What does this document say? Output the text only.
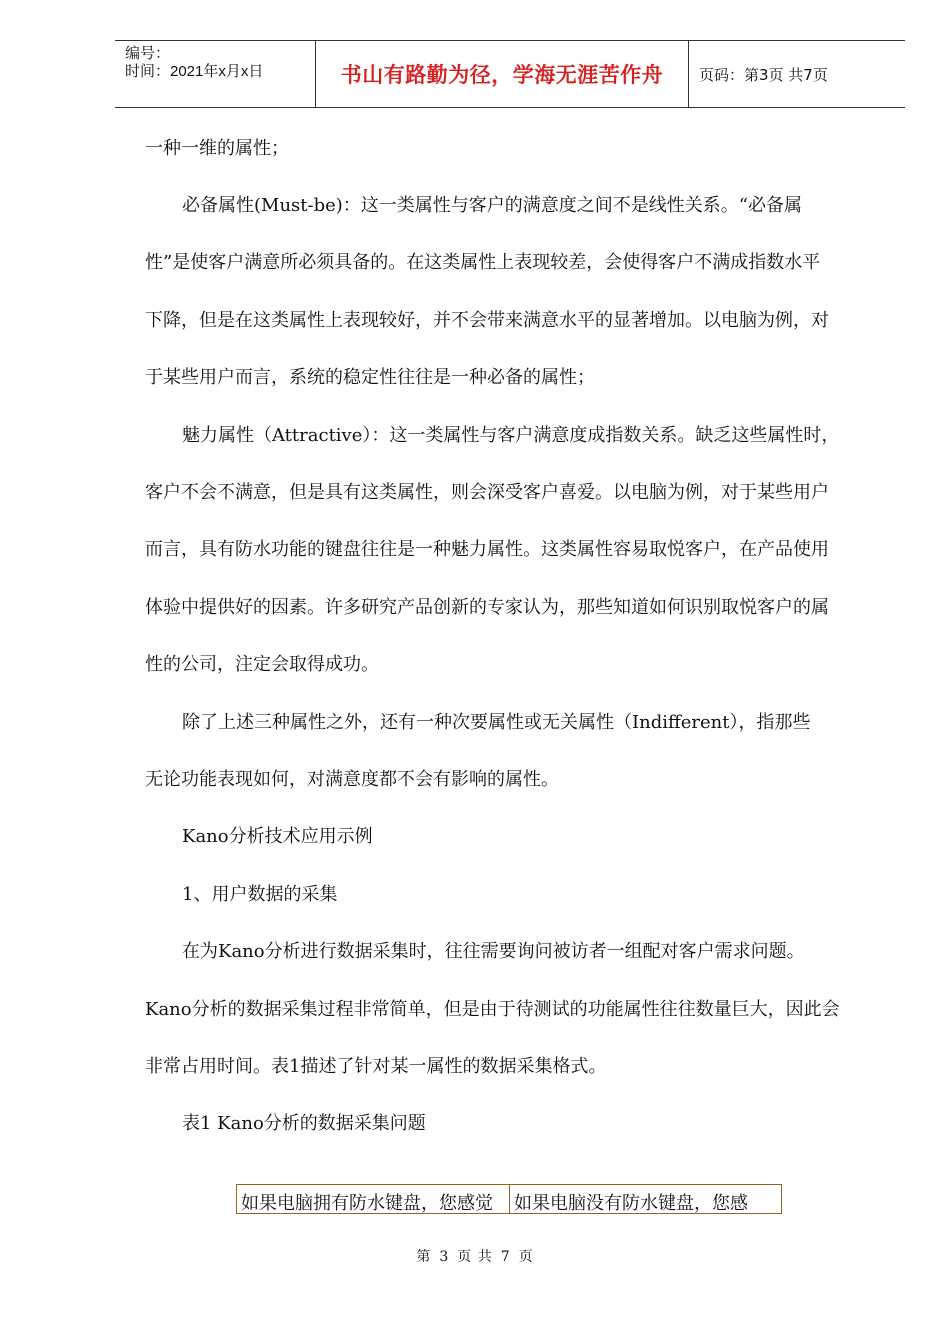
编号：
时间：2021年x月x日	书山有路勤为径，学海无涯苦作舟 页码：第3页 共7页
一种一维的属性；
必备属性(Must-be)：这一类属性与客户的满意度之间不是线性关系。“必备属
性”是使客户满意所必须具备的。在这类属性上表现较差，会使得客户不满成指数水平
下降，但是在这类属性上表现较好，并不会带来满意水平的显著增加。以电脑为例，对
于某些用户而言，系统的稳定性往往是一种必备的属性；
魅力属性（Attractive）：这一类属性与客户满意度成指数关系。缺乏这些属性时，
客户不会不满意，但是具有这类属性，则会深受客户喜爱。以电脑为例，对于某些用户
而言，具有防水功能的键盘往往是一种魅力属性。这类属性容易取悦客户，在产品使用
体验中提供好的因素。许多研究产品创新的专家认为，那些知道如何识别取悦客户的属
性的公司，注定会取得成功。
除了上述三种属性之外，还有一种次要属性或无关属性（Indifferent），指那些
无论功能表现如何，对满意度都不会有影响的属性。
Kano分析技术应用示例
1、用户数据的采集
在为Kano分析进行数据采集时，往往需要询问被访者一组配对客户需求问题。
Kano分析的数据采集过程非常简单，但是由于待测试的功能属性往往数量巨大，因此会
非常占用时间。表1描述了针对某一属性的数据采集格式。
表1 Kano分析的数据采集问题
如果电脑拥有防水键盘，您感觉	如果电脑没有防水键盘，您感
第 3 页 共 7 页
